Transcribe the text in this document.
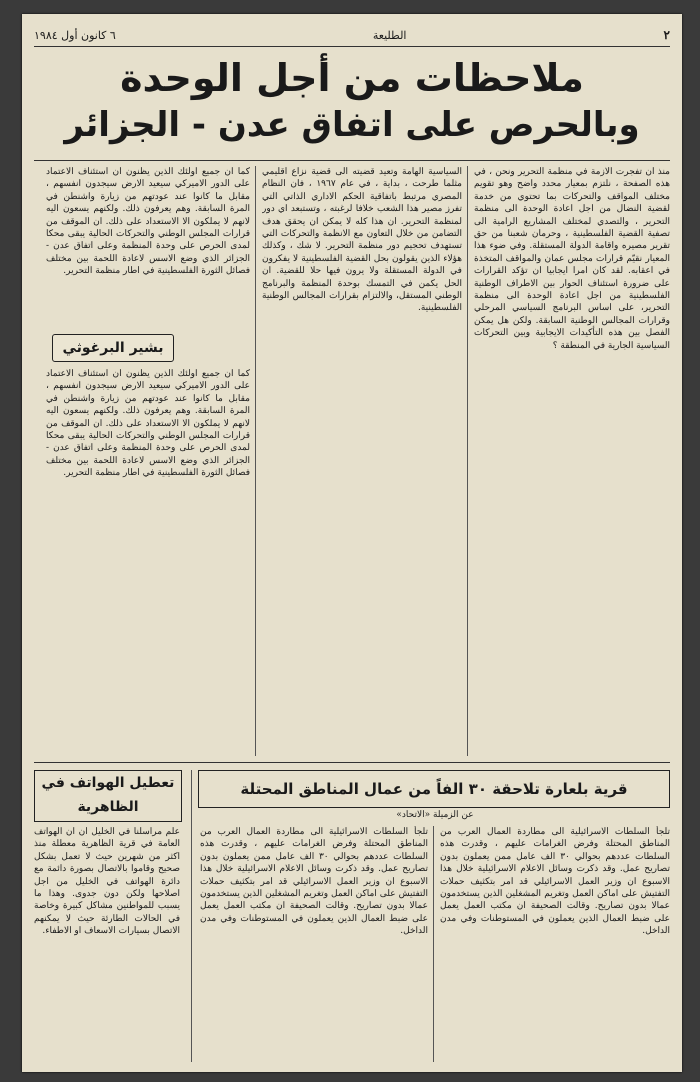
٢
الطليعة
٦ كانون أول ١٩٨٤
ملاحظات من أجل الوحدة
وبالحرص على اتفاق عدن - الجزائر
منذ ان تفجرت الازمة في منظمة التحرير ونحن ، في هذه الصفحة ، نلتزم بمعيار محدد واضح وهو تقويم مختلف المواقف والتحركات بما تحتوي من خدمة لقضية النضال من اجل اعادة الوحدة الى منظمة التحرير ، والتصدي لمختلف المشاريع الرامية الى تصفية القضية الفلسطينية ، وحرمان شعبنا من حق تقرير مصيره واقامة الدولة المستقلة. وفي ضوء هذا المعيار نقيّم قرارات مجلس عمان والمواقف المتخذة في اعقابه. لقد كان امرا ايجابيا ان تؤكد القرارات على ضرورة استئناف الحوار بين الاطراف الوطنية الفلسطينية من اجل اعادة الوحدة الى منظمة التحرير، على اساس البرنامج السياسي المرحلي وقرارات المجالس الوطنية السابقة. ولكن هل يمكن الفصل بين هذه التأكيدات الايجابية وبين التحركات السياسية الجارية في المنطقة ؟
السياسية الهامة وتعيد قضيته الى قضية نزاع اقليمي مثلما طرحت ، بداية ، في عام ١٩٦٧ ، فان النظام المصري مرتبط باتفاقية الحكم الاداري الذاتي التي تفرز مصير هذا الشعب خلافا لرغبته ، وتستبعد اي دور لمنظمة التحرير. ان هذا كله لا يمكن ان يحقق هدف التضامن من خلال التعاون مع الانظمة والتحركات التي تستهدف تحجيم دور منظمة التحرير. لا شك ، وكذلك هؤلاء الذين يقولون بحل القضية الفلسطينية لا يفكرون في الدولة المستقلة ولا يرون فيها حلا للقضية. ان الحل يكمن في التمسك بوحدة المنظمة والبرنامج الوطني المستقل، والالتزام بقرارات المجالس الوطنية الفلسطينية.
كما ان جميع اولئك الذين يظنون ان استئناف الاعتماد على الدور الاميركي سيعيد الارض سيجدون انفسهم ، مقابل ما كانوا عند عودتهم من زيارة واشنطن في المرة السابقة. وهم يعرفون ذلك. ولكنهم يسعون اليه لانهم لا يملكون الا الاستعداد على ذلك. ان الموقف من قرارات المجلس الوطني والتحركات الحالية يبقى محكا لمدى الحرص على وحدة المنظمة وعلى اتفاق عدن - الجزائر الذي وضع الاسس لاعادة اللحمة بين مختلف فصائل الثورة الفلسطينية في اطار منظمة التحرير.
بشير البرغوثي
كما ان جميع اولئك الذين يظنون ان استئناف الاعتماد على الدور الاميركي سيعيد الارض سيجدون انفسهم ، مقابل ما كانوا عند عودتهم من زيارة واشنطن في المرة السابقة. وهم يعرفون ذلك. ولكنهم يسعون اليه لانهم لا يملكون الا الاستعداد على ذلك. ان الموقف من قرارات المجلس الوطني والتحركات الحالية يبقى محكا لمدى الحرص على وحدة المنظمة وعلى اتفاق عدن - الجزائر الذي وضع الاسس لاعادة اللحمة بين مختلف فصائل الثورة الفلسطينية في اطار منظمة التحرير.
قرية بلعارة تلاحقة ٣٠ الفاً من عمال المناطق المحتلة
عن الزميلة «الاتحاد»
تلجأ السلطات الاسرائيلية الى مطاردة العمال العرب من المناطق المحتلة وفرض الغرامات عليهم ، وقدرت هذه السلطات عددهم بحوالي ٣٠ الف عامل ممن يعملون بدون تصاريح عمل. وقد ذكرت وسائل الاعلام الاسرائيلية خلال هذا الاسبوع ان وزير العمل الاسرائيلي قد امر بتكثيف حملات التفتيش على اماكن العمل وتغريم المشغلين الذين يستخدمون عمالا بدون تصاريح. وقالت الصحيفة ان مكتب العمل يعمل على ضبط العمال الذين يعملون في المستوطنات وفي مدن الداخل.
تلجأ السلطات الاسرائيلية الى مطاردة العمال العرب من المناطق المحتلة وفرض الغرامات عليهم ، وقدرت هذه السلطات عددهم بحوالي ٣٠ الف عامل ممن يعملون بدون تصاريح عمل. وقد ذكرت وسائل الاعلام الاسرائيلية خلال هذا الاسبوع ان وزير العمل الاسرائيلي قد امر بتكثيف حملات التفتيش على اماكن العمل وتغريم المشغلين الذين يستخدمون عمالا بدون تصاريح. وقالت الصحيفة ان مكتب العمل يعمل على ضبط العمال الذين يعملون في المستوطنات وفي مدن الداخل.
تعطيل الهواتف في الظاهرية
علم مراسلنا في الخليل ان ان الهواتف العامة في قرية الظاهرية معطلة منذ اكثر من شهرين حيث لا تعمل بشكل صحيح وقاموا بالاتصال بصورة دائمة مع دائرة الهواتف في الخليل من اجل اصلاحها ولكن دون جدوى. وهذا ما يسبب للمواطنين مشاكل كبيرة وخاصة في الحالات الطارئة حيث لا يمكنهم الاتصال بسيارات الاسعاف او الاطفاء.
